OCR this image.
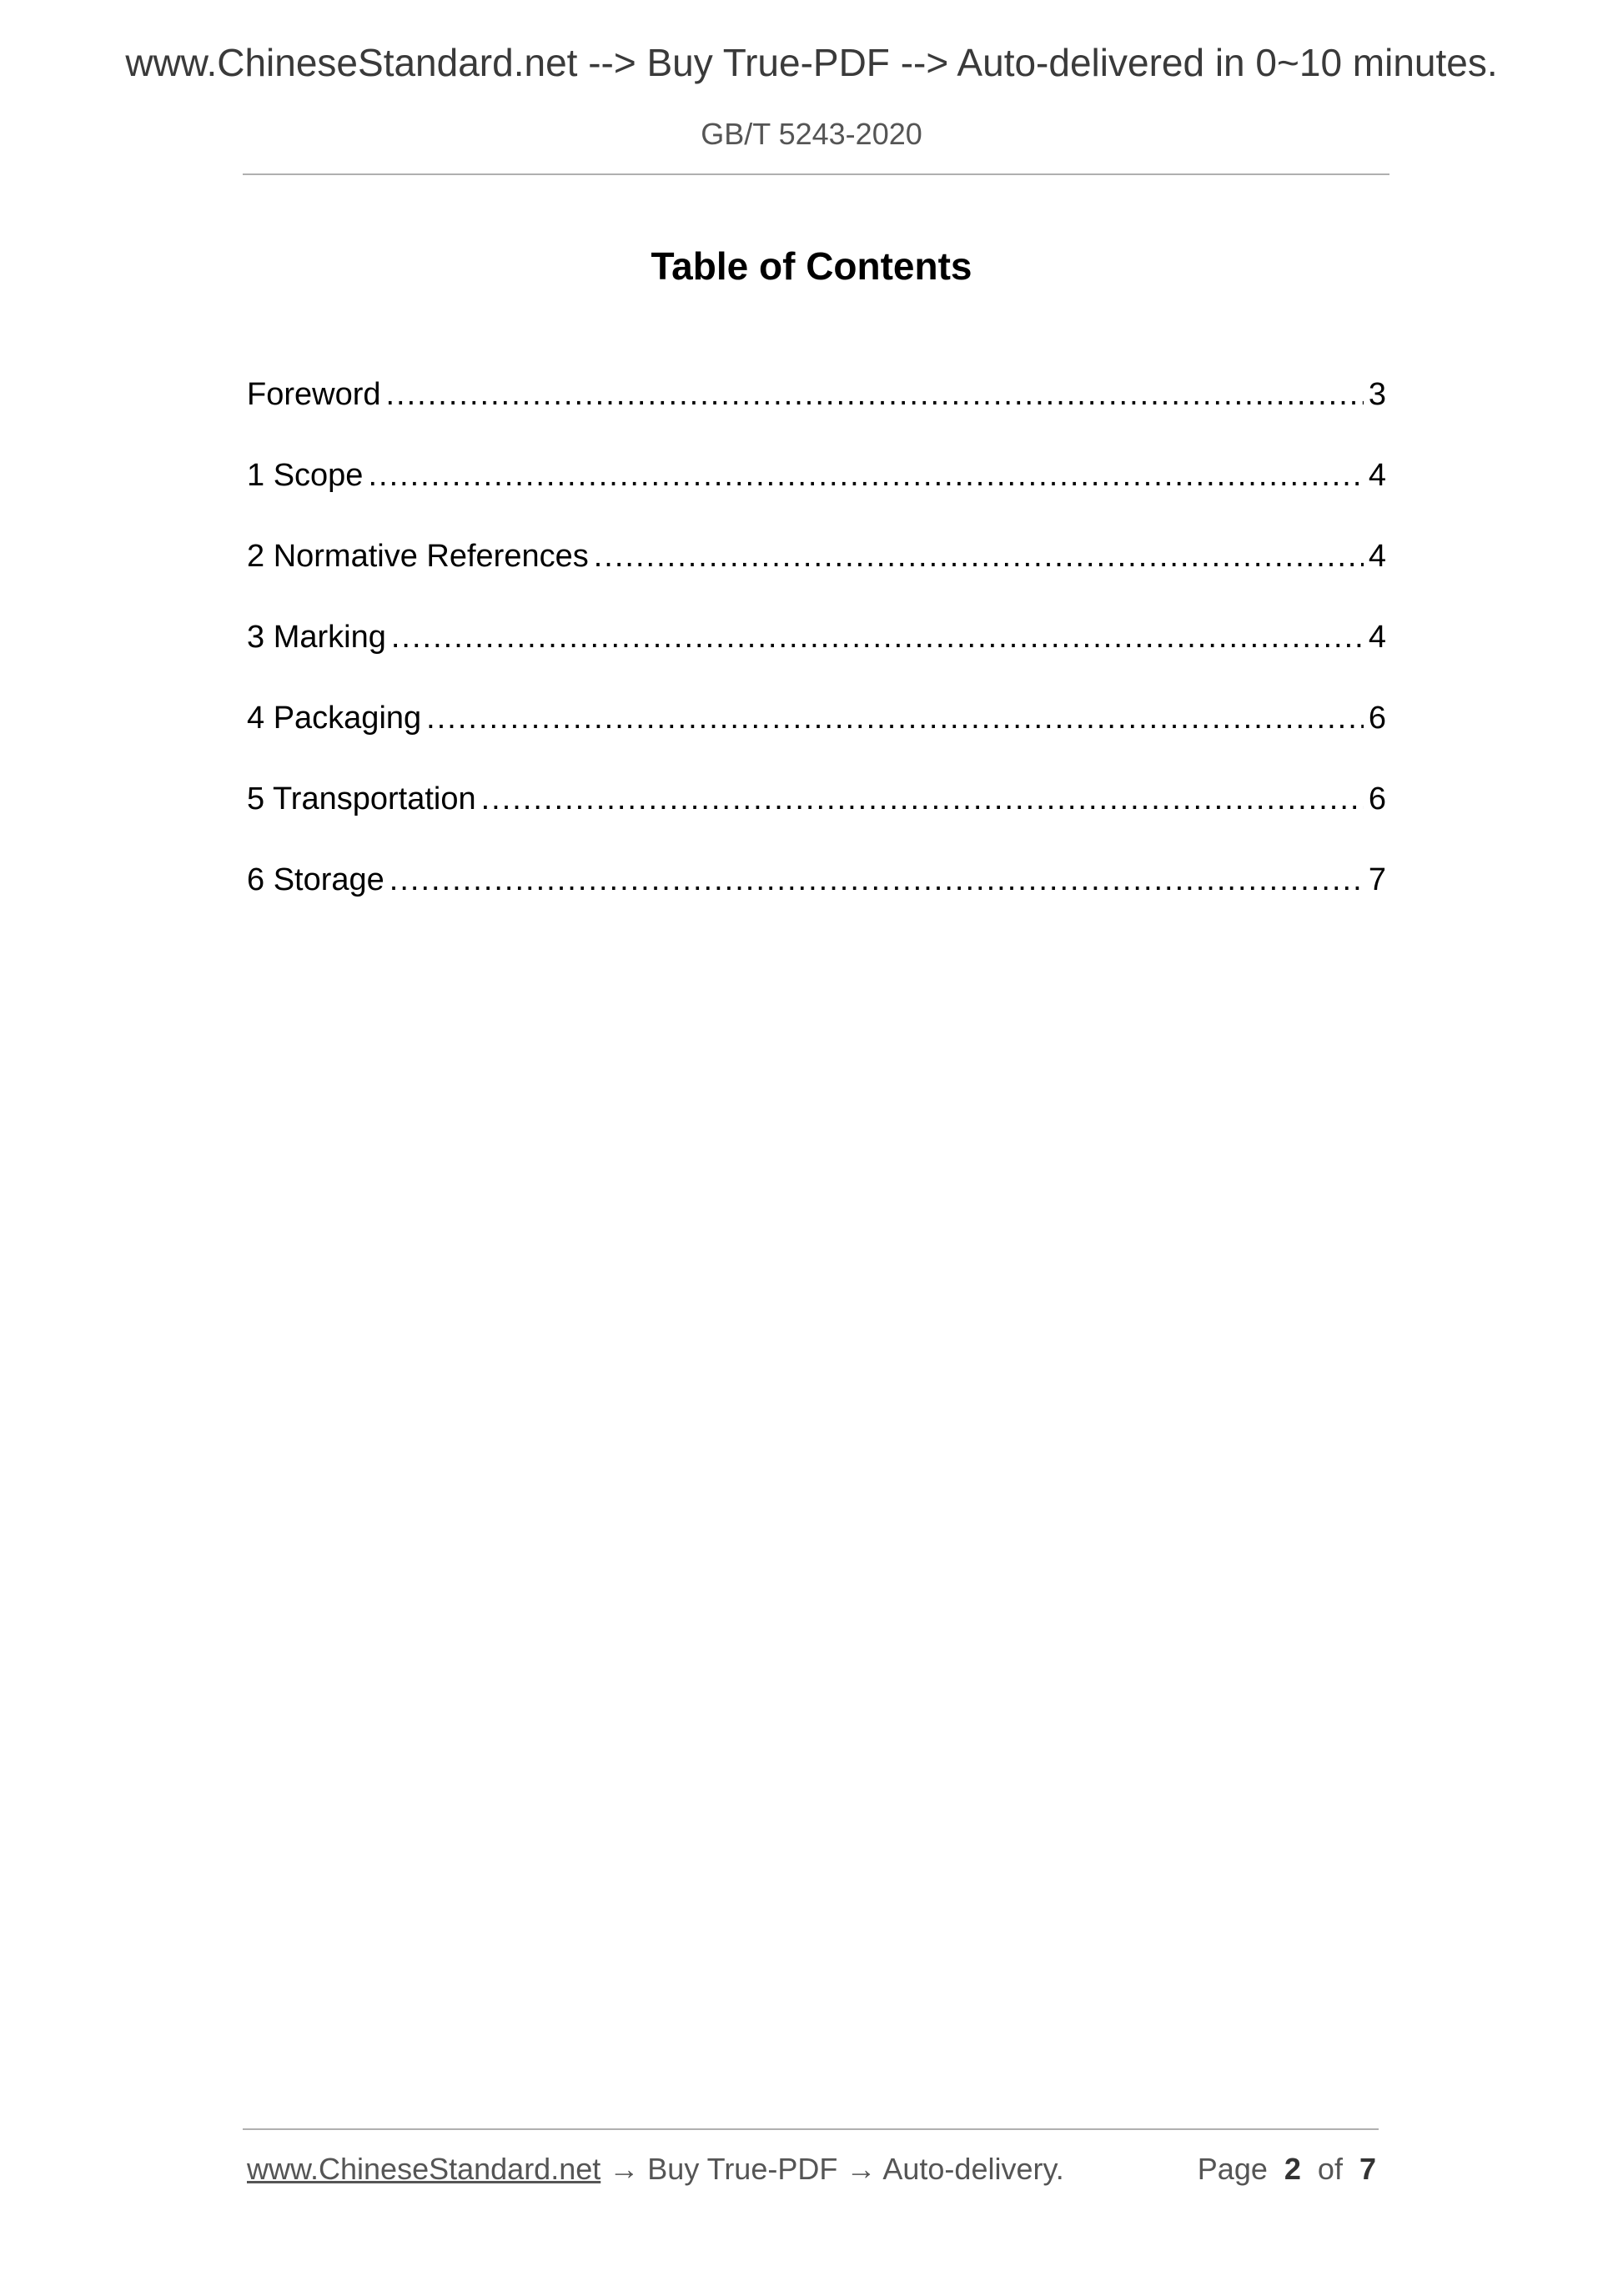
www.ChineseStandard.net --> Buy True-PDF --> Auto-delivered in 0~10 minutes.
GB/T 5243-2020
Table of Contents
Foreword .....	3
1 Scope .....	4
2 Normative References .....	4
3 Marking .....	4
4 Packaging .....	6
5 Transportation .....	6
6 Storage .....	7
www.ChineseStandard.net → Buy True-PDF → Auto-delivery.	Page 2 of 7
